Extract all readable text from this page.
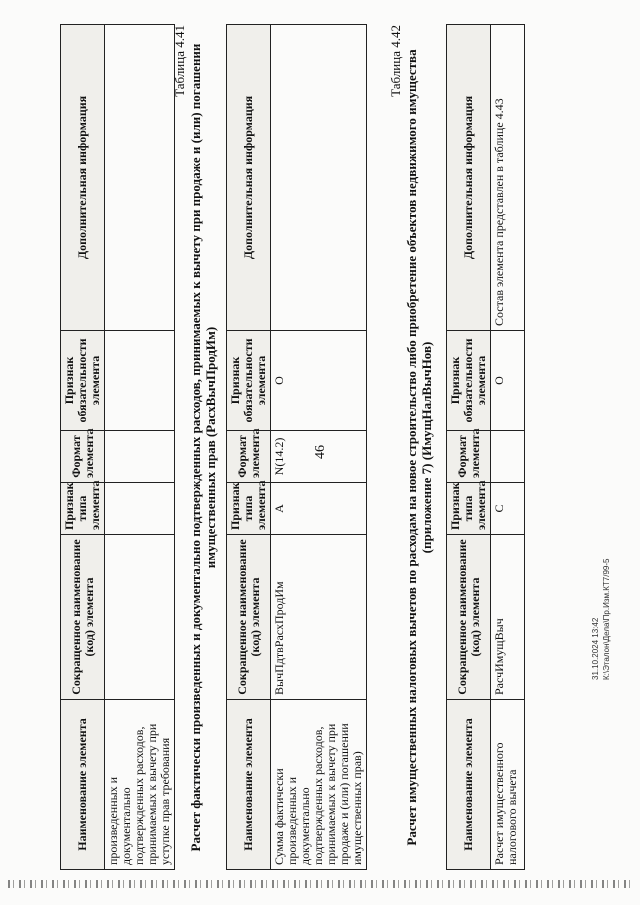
46
Наименование элемента	Сокращенное наименование (код) элемента	Признак типа элемента	Формат элемента	Признак обязательности элемента	Дополнительная информация
произведенных и документально подтвержденных расходов, принимаемых к вычету при уступке прав требования					
Таблица 4.41 Расчет фактически произведенных и документально подтвержденных расходов, принимаемых к вычету при продаже и (или) погашении имущественных прав (РасхВычПродИм)
Наименование элемента	Сокращенное наименование (код) элемента	Признак типа элемента	Формат элемента	Признак обязательности элемента	Дополнительная информация
Сумма фактически произведенных и документально подтвержденных расходов, принимаемых к вычету при продаже и (или) погашении имущественных прав)	ВычПдтвРасхПродИм	А	N(14.2)	О	
Таблица 4.42 Расчет имущественных налоговых вычетов по расходам на новое строительство либо приобретение объектов недвижимого имущества (приложение 7) (ИмущНалВычНов)
Наименование элемента	Сокращенное наименование (код) элемента	Признак типа элемента	Формат элемента	Признак обязательности элемента	Дополнительная информация
Расчет имущественного налогового вычета	РасчИмущВыч	С		О	Состав элемента представлен в таблице 4.43
31.10.2024 13:42 К:\Эталон\Дела\Пр.Изм.КТ7/99-5
